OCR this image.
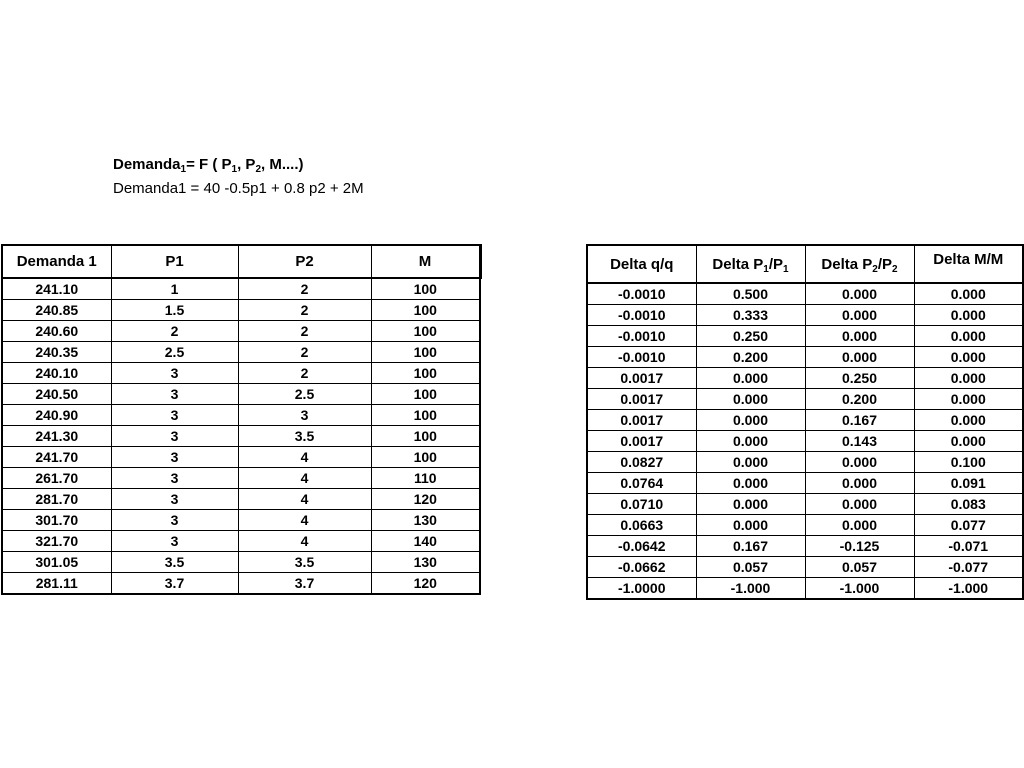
Demanda$_1$= F ( $P_1$, $P_2$, M....)
Demanda1 = 40 -0.5p1 + 0.8 p2 + 2M
Demanda 1	P1	P2	M
241.10	1	2	100
240.85	1.5	2	100
240.60	2	2	100
240.35	2.5	2	100
240.10	3	2	100
240.50	3	2.5	100
240.90	3	3	100
241.30	3	3.5	100
241.70	3	4	100
261.70	3	4	110
281.70	3	4	120
301.70	3	4	130
321.70	3	4	140
301.05	3.5	3.5	130
281.11	3.7	3.7	120
Delta q/q	Delta $P_1/P_1$	Delta $P_2/P_2$	Delta M/M
-0.0010	0.500	0.000	0.000
-0.0010	0.333	0.000	0.000
-0.0010	0.250	0.000	0.000
-0.0010	0.200	0.000	0.000
0.0017	0.000	0.250	0.000
0.0017	0.000	0.200	0.000
0.0017	0.000	0.167	0.000
0.0017	0.000	0.143	0.000
0.0827	0.000	0.000	0.100
0.0764	0.000	0.000	0.091
0.0710	0.000	0.000	0.083
0.0663	0.000	0.000	0.077
-0.0642	0.167	-0.125	-0.071
-0.0662	0.057	0.057	-0.077
-1.0000	-1.000	-1.000	-1.000
